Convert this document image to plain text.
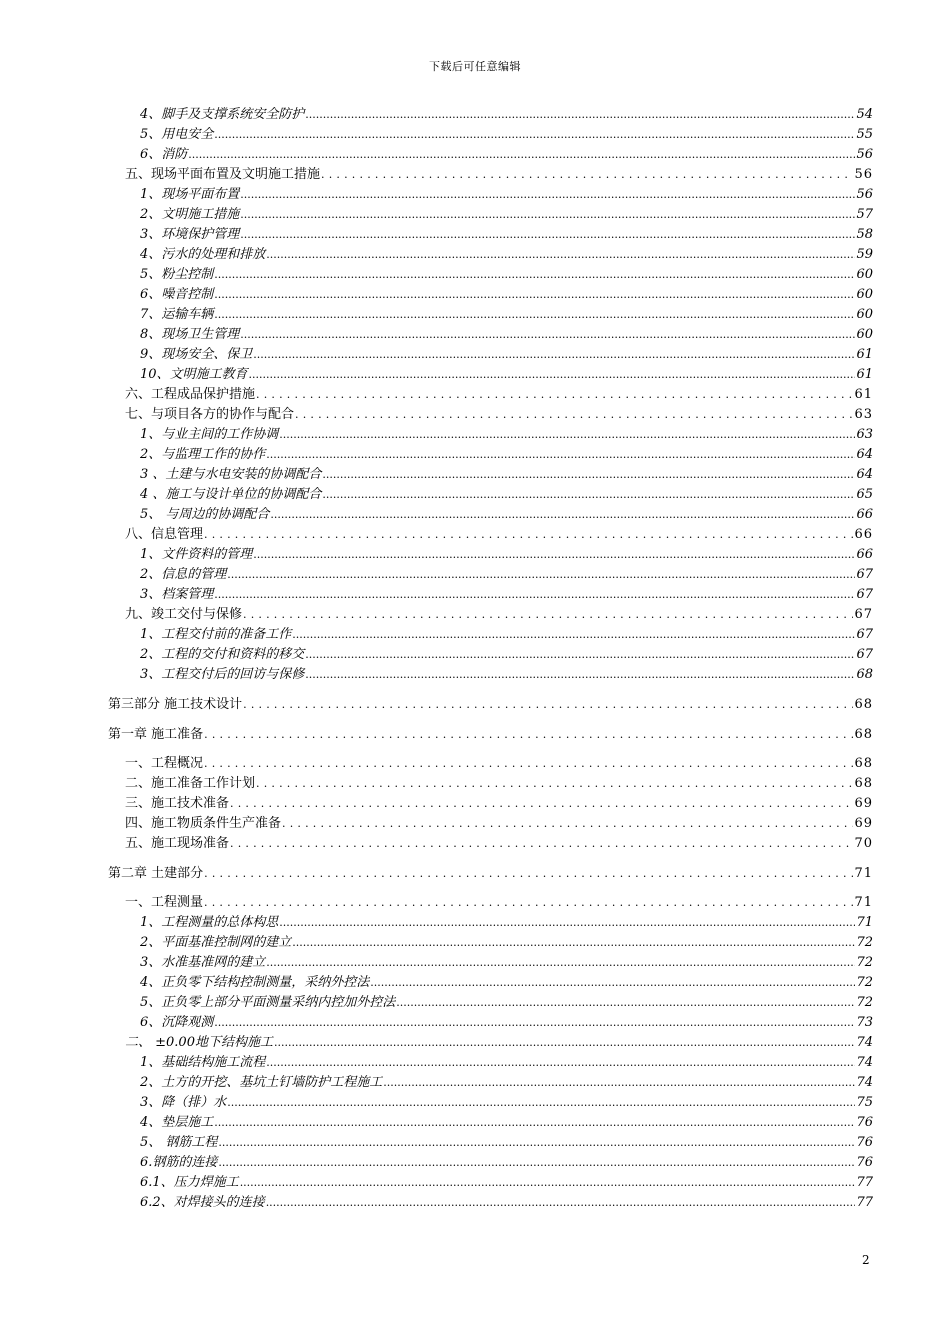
下载后可任意编辑
4、脚手及支撑系统安全防护 .....	54
5、用电安全 .....	55
6、消防 .....	56
五、现场平面布置及文明施工措施 .....	56
1、现场平面布置 .....	56
2、文明施工措施 .....	57
3、环境保护管理 .....	58
4、污水的处理和排放 .....	59
5、粉尘控制 .....	60
6、噪音控制 .....	60
7、运输车辆 .....	60
8、现场卫生管理 .....	60
9、现场安全、保卫 .....	61
10、文明施工教育 .....	61
六、工程成品保护措施 .....	61
七、与项目各方的协作与配合 .....	63
1、与业主间的工作协调 .....	63
2、与监理工作的协作 .....	64
3 、土建与水电安装的协调配合 .....	64
4 、施工与设计单位的协调配合 .....	65
5、 与周边的协调配合 .....	66
八、信息管理 .....	66
1、文件资料的管理 .....	66
2、信息的管理 .....	67
3、档案管理 .....	67
九、竣工交付与保修 .....	67
1、工程交付前的准备工作 .....	67
2、工程的交付和资料的移交 .....	67
3、工程交付后的回访与保修 .....	68
第三部分 施工技术设计 .....	68
第一章 施工准备 .....	68
一、工程概况 .....	68
二、施工准备工作计划 .....	68
三、施工技术准备 .....	69
四、施工物质条件生产准备 .....	69
五、施工现场准备 .....	70
第二章 土建部分 .....	71
一、工程测量 .....	71
1、工程测量的总体构思 .....	71
2、平面基准控制网的建立 .....	72
3、水准基准网的建立 .....	72
4、正负零下结构控制测量，采纳外控法 .....	72
5、正负零上部分平面测量采纳内控加外控法 .....	72
6、沉降观测 .....	73
二、 ±0.00地下结构施工 .....	74
1、基础结构施工流程 .....	74
2、土方的开挖、基坑土钉墙防护工程施工 .....	74
3、降（排）水 .....	75
4、垫层施工 .....	76
5、 钢筋工程 .....	76
6.钢筋的连接 .....	76
6.1、压力焊施工 .....	77
6.2、对焊接头的连接 .....	77
2
